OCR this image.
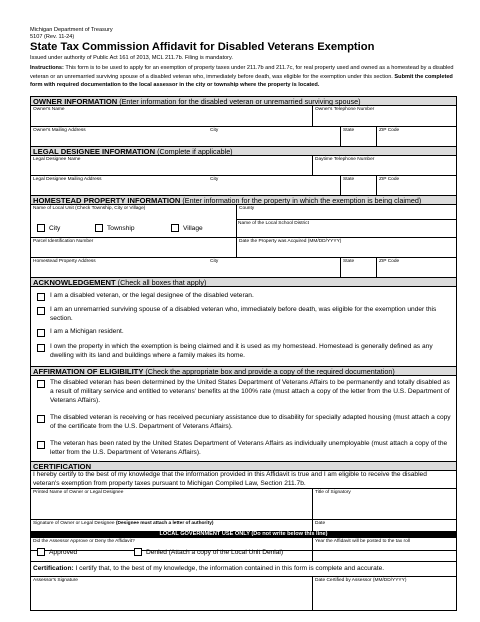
Michigan Department of Treasury
5107 (Rev. 11-24)
State Tax Commission Affidavit for Disabled Veterans Exemption
Issued under authority of Public Act 161 of 2013, MCL 211.7b. Filing is mandatory.
Instructions: This form is to be used to apply for an exemption of property taxes under 211.7b and 211.7c, for real property used and owned as a homestead by a disabled veteran or an unremarried surviving spouse of a disabled veteran who, immediately before death, was eligible for the exemption under this section. Submit the completed form with required documentation to the local assessor in the city or township where the property is located.
OWNER INFORMATION (Enter information for the disabled veteran or unremarried surviving spouse)
Owner's Name	Owner's Telephone Number
Owner's Mailing Address	City	State	ZIP Code
LEGAL DESIGNEE INFORMATION (Complete if applicable)
Legal Designee Name	Daytime Telephone Number
Legal Designee Mailing Address	City	State	ZIP Code
HOMESTEAD PROPERTY INFORMATION (Enter information for the property in which the exemption is being claimed)
Name of Local Unit (Check Township, City or Village)
City	Township	Village
County
Name of the Local School District
Parcel Identification Number	Date the Property was Acquired (MM/DD/YYYY)
Homestead Property Address	City	State	ZIP Code
ACKNOWLEDGEMENT (Check all boxes that apply)
I am a disabled veteran, or the legal designee of the disabled veteran.
I am an unremarried surviving spouse of a disabled veteran who, immediately before death, was eligible for the exemption under this section.
I am a Michigan resident.
I own the property in which the exemption is being claimed and it is used as my homestead. Homestead is generally defined as any dwelling with its land and buildings where a family makes its home.
AFFIRMATION OF ELIGIBILITY (Check the appropriate box and provide a copy of the required documentation)
The disabled veteran has been determined by the United States Department of Veterans Affairs to be permanently and totally disabled as a result of military service and entitled to veterans' benefits at the 100% rate (must attach a copy of the letter from the U.S. Department of Veterans Affairs).
The disabled veteran is receiving or has received pecuniary assistance due to disability for specially adapted housing (must attach a copy of the certificate from the U.S. Department of Veterans Affairs).
The veteran has been rated by the United States Department of Veterans Affairs as individually unemployable (must attach a copy of the letter from the U.S. Department of Veterans Affairs).
CERTIFICATION
I hereby certify to the best of my knowledge that the information provided in this Affidavit is true and I am eligible to receive the disabled veteran's exemption from property taxes pursuant to Michigan Compiled Law, Section 211.7b.
Printed Name of Owner or Legal Designee	Title of Signatory
Signature of Owner or Legal Designee (Designee must attach a letter of authority)	Date
LOCAL GOVERNMENT USE ONLY (Do not write below this line)
Did the Assessor Approve or Deny the Affidavit?
Approved	Denied (Attach a copy of the Local Unit Denial)
Year the Affidavit will be posted to the tax roll
Certification: I certify that, to the best of my knowledge, the information contained in this form is complete and accurate.
Assessor's Signature	Date Certified by Assessor (MM/DD/YYYY)
